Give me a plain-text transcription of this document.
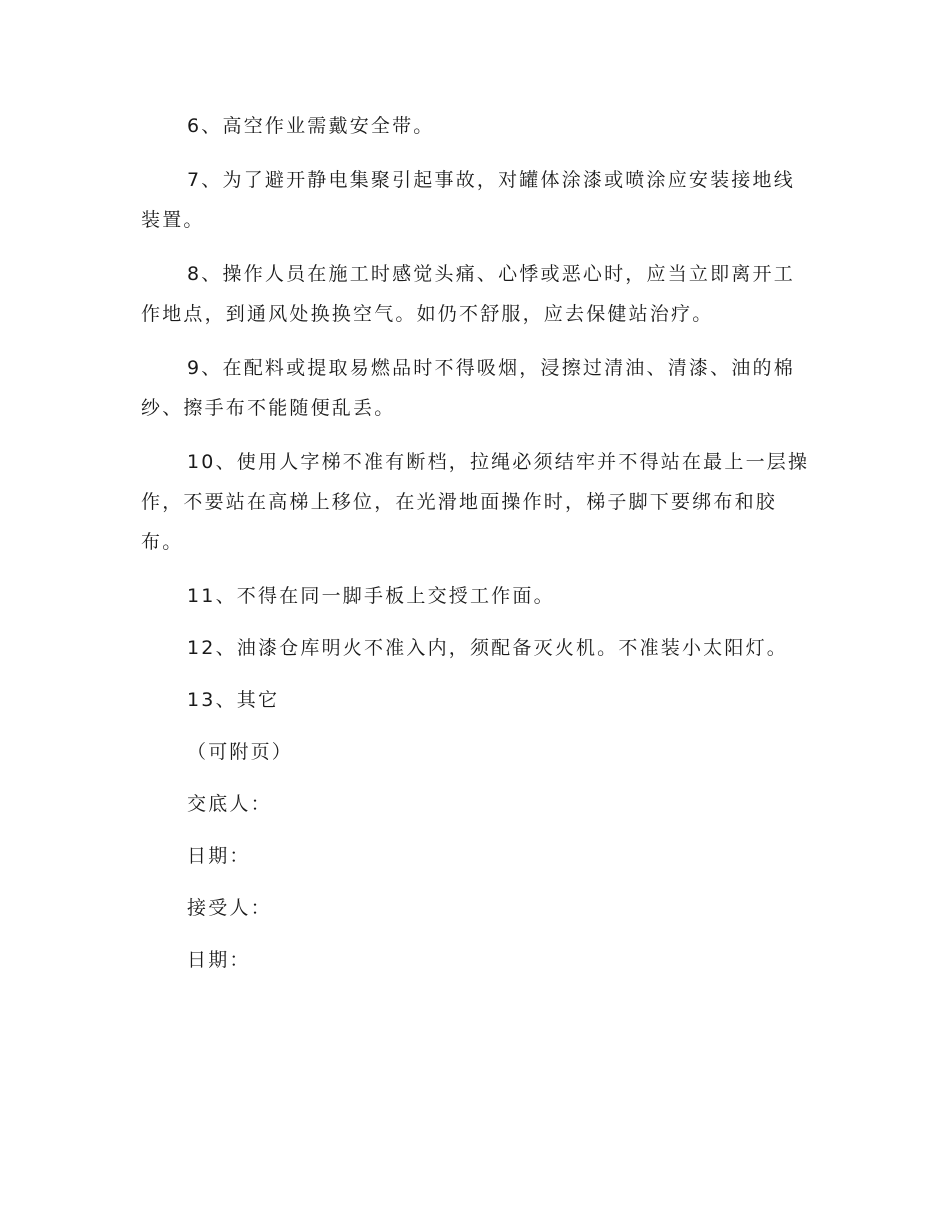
6、高空作业需戴安全带。

7、为了避开静电集聚引起事故，对罐体涂漆或喷涂应安装接地线装置。

8、操作人员在施工时感觉头痛、心悸或恶心时，应当立即离开工作地点，到通风处换换空气。如仍不舒服，应去保健站治疗。

9、在配料或提取易燃品时不得吸烟，浸擦过清油、清漆、油的棉纱、擦手布不能随便乱丢。

10、使用人字梯不准有断档，拉绳必须结牢并不得站在最上一层操作，不要站在高梯上移位，在光滑地面操作时，梯子脚下要绑布和胶布。

11、不得在同一脚手板上交授工作面。

12、油漆仓库明火不准入内，须配备灭火机。不准装小太阳灯。

13、其它

（可附页）

交底人：

日期：

接受人：

日期：
